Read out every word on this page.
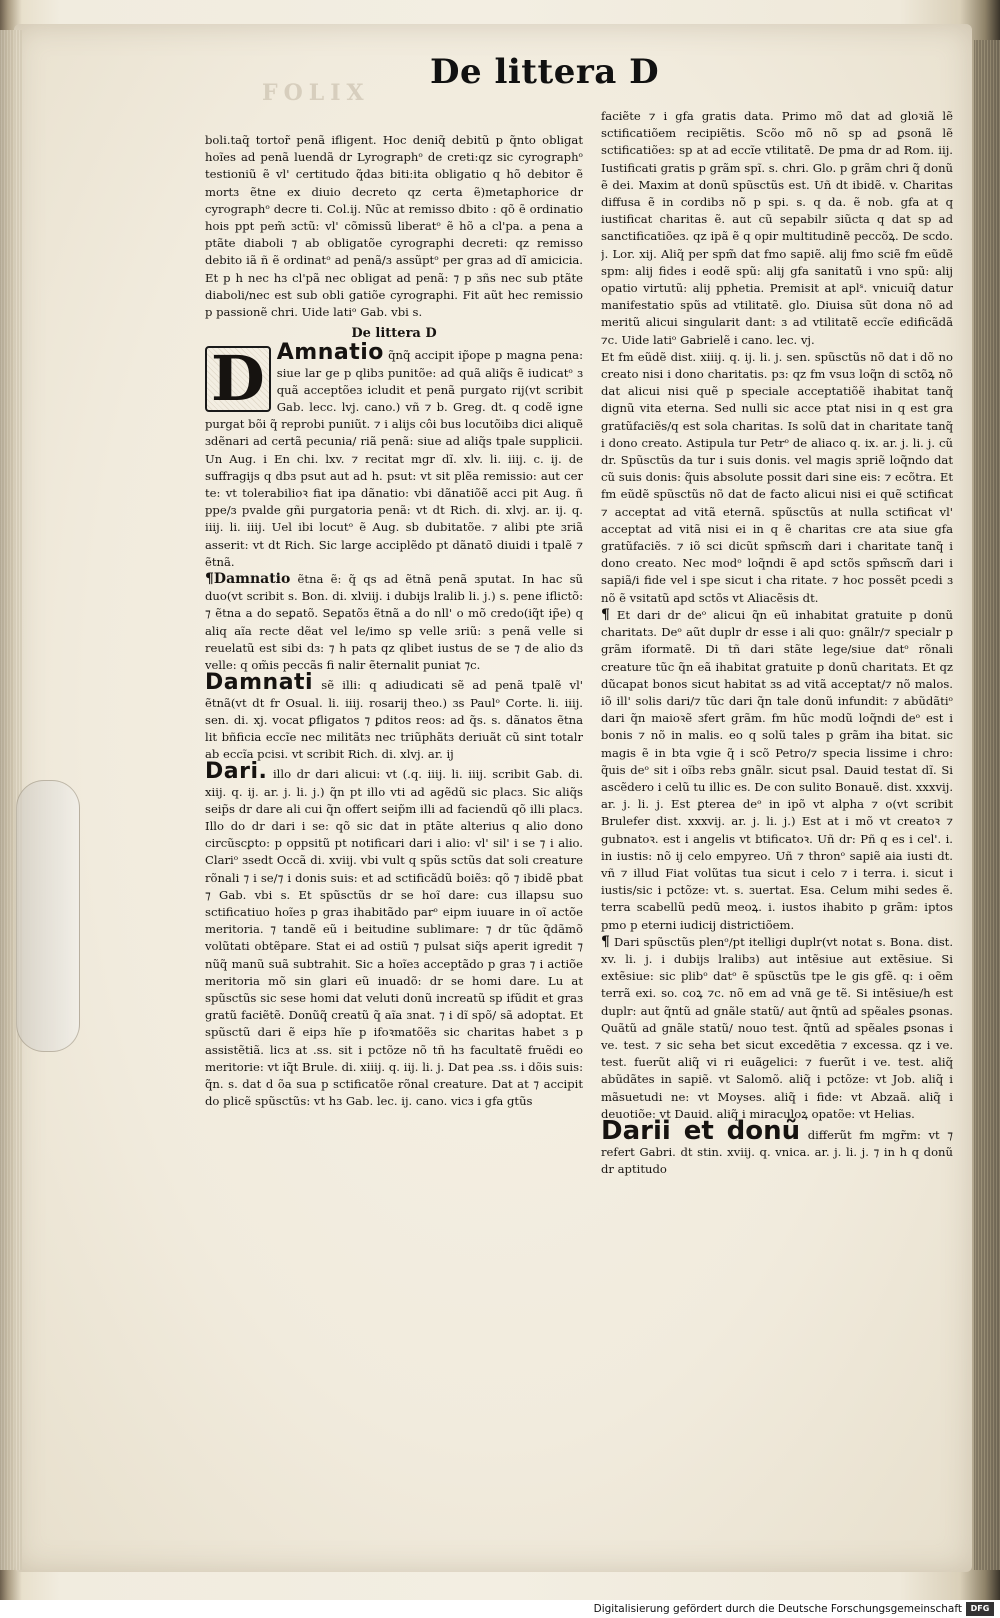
FOLIX
De littera D

boli.taq̃ tortor̃ penã ifligent. Hoc deniq̃ debitũ p q̃nto obligat hoĩes ad penã luendã dr Lyrographᵒ de creti:qz sic cyrographᵒ testioniũ ẽ vl' certitudo q̃daɜ biti:ita obligatio q hõ debitor ẽ mortɜ ẽtne ex diuio decreto qz certa ẽ)metaphorice dr cyrographᵒ decre ti. Col.ij. Nũc at remisso dbito : qõ ẽ ordinatio hois ppt pem̃ ɜctũ: vl' cõmissũ liberatᵒ ẽ hõ a cl'pa. a pena a ptãte diaboli ⁊ ab obligatõe cyrographi decreti: qz remisso debito iã ñ ẽ ordinatᵒ ad penã/ɜ assũptᵒ per graɜ ad dĩ amicicia. Et p h nec hɜ cl'pã nec obligat ad penã: ⁊ p ɜñs nec sub ptãte diaboli/nec est sub obli gatiõe cyrographi. Fit aũt hec remissio p passionẽ chri. Uide latiᵒ Gab. vbi s.

De littera D

D Amnatio q̃nq̃ accipit ip̃ope p magna pena: siue lar ge p qlibɜ punitõe: ad quã aliq̃s ẽ iudicatᵒ ɜ quã acceptõeɜ icludit et penã purgato rij(vt scribit Gab. lecc. lvj. cano.) vñ ⁊ b. Greg. dt. q codẽ igne purgat bõi q̃ reprobi puniũt. ⁊ i alijs côi bus locutõibɜ dici aliquẽ ɜdẽnari ad certã pecunia/ riã penã: siue ad aliq̃s tpale supplicii. Un Aug. i En chi. lxv. ⁊ recitat mgr dĩ. xlv. li. iiij. c. ij. de suffragijs q dbɜ psut aut ad h. psut: vt sit plẽa remissio: aut cer te: vt tolerabilioꝛ fiat ipa dãnatio: vbi dãnatiõẽ acci pit Aug. ñ ppe/ɜ pvalde gñi purgatoria penã: vt dt Rich. di. xlvj. ar. ij. q. iiij. li. iiij. Uel ibi locutᵒ ẽ Aug. sb dubitatõe. ⁊ alibi pte ɜriã asserit: vt dt Rich. Sic large acciplẽdo pt dãnatõ diuidi i tpalẽ ⁊ ẽtnã.

¶Damnatio ẽtna ẽ: q̃ qs ad ẽtnã penã ɜputat. In hac sũ duo(vt scribit s. Bon. di. xlviij. i dubijs lralib li. j.) s. pene iflictõ: ⁊ ẽtna a do seꝑatõ. Seꝑatõɜ ẽtnã a do nll' o mõ credo(iq̃t ip̃e) q aliq aĩa recte dẽat vel le/imo sp velle ɜriũ: ɜ penã velle si reuelatũ est sibi dɜ: ⁊ h patɜ qz qlibet iustus de se ⁊ de alio dɜ velle: q om̃is peccãs fi nalir ẽternalit puniat ⁊c.

Damnati sẽ illi: q adiudicati sẽ ad penã tpalẽ vl' ẽtnã(vt dt fr Osual. li. iiij. rosarij theo.) ɜs Paulᵒ Corte. li. iiij. sen. di. xj. vocat ꝑfligatos ⁊ ꝑditos reos: ad q̃s. s. dãnatos ẽtna lit bñficia eccĩe nec militãtɜ nec triũphãtɜ deriuãt cũ sint totalr ab eccĩa pcisi. vt scribit Rich. di. xlvj. ar. ij

Dari. illo dr dari alicui: vt (.q. iiij. li. iiij. scribit Gab. di. xiij. q. ij. ar. j. li. j.) q̃n pt illo vti ad agẽdũ sic placɜ. Sic aliq̃s seip̃s dr dare ali cui q̃n offert seip̃m illi ad faciendũ qõ illi placɜ. Illo do dr dari i se: qõ sic dat in ptãte alterius q alio dono circũscꝑto: p oppsitũ pt notificari dari i alio: vl' sil' i se ⁊ i alio. Clariᵒ ɜsedt Occã di. xviij. vbi vult q spũs sctũs dat soli creature rõnali ⁊ i se/⁊ i donis suis: et ad sctificãdũ boiẽɜ: qõ ⁊ ibidẽ pbat ⁊ Gab. vbi s. Et spũsctũs dr se hoĩ dare: cuɜ illapsu suo sctificatiuo hoĩeɜ p graɜ ihabitãdo parᵒ eipm iuuare in oĩ actõe meritoria. ⁊ tandẽ eũ i beitudine sublimare: ⁊ dr tũc q̃dãmõ volũtati obtẽpare. Stat ei ad ostiũ ⁊ pulsat siq̃s aperit igredit ⁊ nũq̃ manũ suã subtrahit. Sic a hoĩeɜ acceptãdo p graɜ ⁊ i actiõe meritoria mõ sin glari eũ inuadõ: dr se homi dare. Lu at spũsctũs sic sese homi dat veluti donũ increatũ sp ifũdit et graɜ gratũ faciẽtẽ. Donũq̃ creatũ q̃ aĩa ɜnat. ⁊ i dĩ spõ/ sã adoptat. Et spũsctũ dari ẽ eipɜ hĩe p ifoꝛmatõẽɜ sic charitas habet ɜ p assistẽtiã. licɜ at .ss. sit i pctõze nõ tñ hɜ facultatẽ fruẽdi eo meritorie: vt iq̃t Brule. di. xiiij. q. iij. li. j. Dat pea .ss. i dõis suis: q̃n. s. dat d õa sua p sctificatõe rõnal creature. Dat at ⁊ accipit do plicẽ spũsctũs: vt hɜ Gab. lec. ij. cano. vicɜ i gfa gtũs

faciẽte ⁊ i gfa gratis data. Primo mõ dat ad gloꝛiã lẽ sctificatiõem recipiẽtis. Scõo mõ nõ sp ad ꝑsonã lẽ sctificatiõeɜ: sp at ad eccĩe vtilitatẽ. De pma dr ad Rom. iij. Iustificati gratis p grãm spĩ. s. chri. Glo. p grãm chri q̃ donũ ẽ dei. Maxim at donũ spũsctũs est. Uñ dt ibidẽ. v. Charitas diffusa ẽ in cordibɜ nõ p spi. s. q da. ẽ nob. gfa at q iustificat charitas ẽ. aut cũ sepabilr ɜiũcta q dat sp ad sanctificatiõeɜ. qz ipã ẽ q opir multitudinẽ peccõꝝ. De scdo. j. Lor. xij. Aliq̃ per spm̃ dat fmo sapiẽ. alij fmo sciẽ fm eũdẽ spm: alij fides i eodẽ spũ: alij gfa sanitatũ i vno spũ: alij opatio virtutũ: alij pphetia. Premisit at aplˢ. vnicuiq̃ datur manifestatio spũs ad vtilitatẽ. glo. Diuisa sũt dona nõ ad meritũ alicui singularit dant: ɜ ad vtilitatẽ eccĩe edificãdã ⁊c. Uide latiᵒ Gabrielẽ i cano. lec. vj.

Et fm eũdẽ dist. xiiij. q. ij. li. j. sen. spũsctũs nõ dat i dõ no creato nisi i dono charitatis. pɜ: qz fm vsuɜ loq̃n di sctõꝝ nõ dat alicui nisi quẽ p speciale acceptatiõẽ ihabitat tanq̃ dignũ vita eterna. Sed nulli sic acce ptat nisi in q est gra gratũfaciẽs/q est sola charitas. Is solũ dat in charitate tanq̃ i dono creato. Astipula tur Petrᵒ de aliaco q. ix. ar. j. li. j. cũ dr. Spũsctũs da tur i suis donis. vel magis ɜpriẽ loq̃ndo dat cũ suis donis: q̃uis absolute possit dari sine eis: ⁊ ecõtra. Et fm eũdẽ spũsctũs nõ dat de facto alicui nisi ei quẽ sctificat ⁊ acceptat ad vitã eternã. spũsctũs at nulla sctificat vl' acceptat ad vitã nisi ei in q ẽ charitas cre ata siue gfa gratũfaciẽs. ⁊ iõ sci dicũt spm̃scm̃ dari i charitate tanq̃ i dono creato. Nec modᵒ loq̃ndi ẽ apd sctõs spm̃scm̃ dari i sapiã/i fide vel i spe sicut i cha ritate. ⁊ hoc possẽt pcedi ɜ nõ ẽ vsitatũ apd sctõs vt Aliacẽsis dt.

¶ Et dari dr deᵒ alicui q̃n eũ inhabitat gratuite p donũ charitatɜ. Deᵒ aũt duplr dr esse i ali quo: gnãlr/⁊ specialr p grãm iformatẽ. Di tñ dari stãte lege/siue datᵒ rõnali creature tũc q̃n eã ihabitat gratuite p donũ charitatɜ. Et qz dũcapat bonos sicut habitat ɜs ad vitã acceptat/⁊ nõ malos. iõ ill' solis dari/⁊ tũc dari q̃n tale donũ infundit: ⁊ abũdãtiᵒ dari q̃n maioꝛẽ ɜfert grãm. fm hũc modũ loq̃ndi deᵒ est i bonis ⁊ nõ in malis. eo q solũ tales p grãm iha bitat. sic magis ẽ in bta vgie q̃ i scõ Petro/⁊ specia lissime i chro: q̃uis deᵒ sit i oĩbɜ rebɜ gnãlr. sicut psal. Dauid testat dĩ. Si ascẽdero i celũ tu illic es. De con sulito Bonauẽ. dist. xxxvij. ar. j. li. j. Est ꝑterea deᵒ in ipõ vt alpha ⁊ o(vt scribit Brulefer dist. xxxvij. ar. j. li. j.) Est at i mõ vt creatoꝛ ⁊ gubnatoꝛ. est i angelis vt btificatoꝛ. Uñ dr: Pñ q es i cel'. i. in iustis: nõ ij celo empyreo. Uñ ⁊ thronᵒ sapiẽ aia iusti dt. vñ ⁊ illud Fiat volũtas tua sicut i celo ⁊ i terra. i. sicut i iustis/sic i pctõze: vt. s. ɜuertat. Esa. Celum mihi sedes ẽ. terra scabellũ pedũ meoꝝ. i. iustos ihabito p grãm: iptos pmo p eterni iudicij districtiõem.

¶ Dari spũsctũs plenᵒ/pt itelligi duplr(vt notat s. Bona. dist. xv. li. j. i dubijs lralibɜ) aut intẽsiue aut extẽsiue. Si extẽsiue: sic plibᵒ datᵒ ẽ spũsctũs tpe le gis gfẽ. q: i oẽm terrã exi. so. coꝝ ⁊c. nõ em ad vnã ge tẽ. Si intẽsiue/h est duplr: aut q̃ntũ ad gnãle statũ/ aut q̃ntũ ad spẽales ꝑsonas. Quãtũ ad gnãle statũ/ nouo test. q̃ntũ ad spẽales ꝑsonas i ve. test. ⁊ sic seha bet sicut excedẽtia ⁊ excessa. qz i ve. test. fuerũt aliq̃ vi ri euãgelici: ⁊ fuerũt i ve. test. aliq̃ abũdãtes in sapiẽ. vt Salomõ. aliq̃ i pctõze: vt Job. aliq̃ i mãsuetudi ne: vt Moyses. aliq̃ i fide: vt Abzaã. aliq̃ i deuotiõe: vt Dauid. aliq̃ i miraculoꝝ opatõe: vt Helias.

Darii et donũ differũt fm mgr̃m: vt ⁊ refert Gabri. dt stin. xviij. q. vnica. ar. j. li. j. ⁊ in h q donũ dr aptitudo

Digitalisierung gefördert durch die Deutsche Forschungsgemeinschaft	DFG
